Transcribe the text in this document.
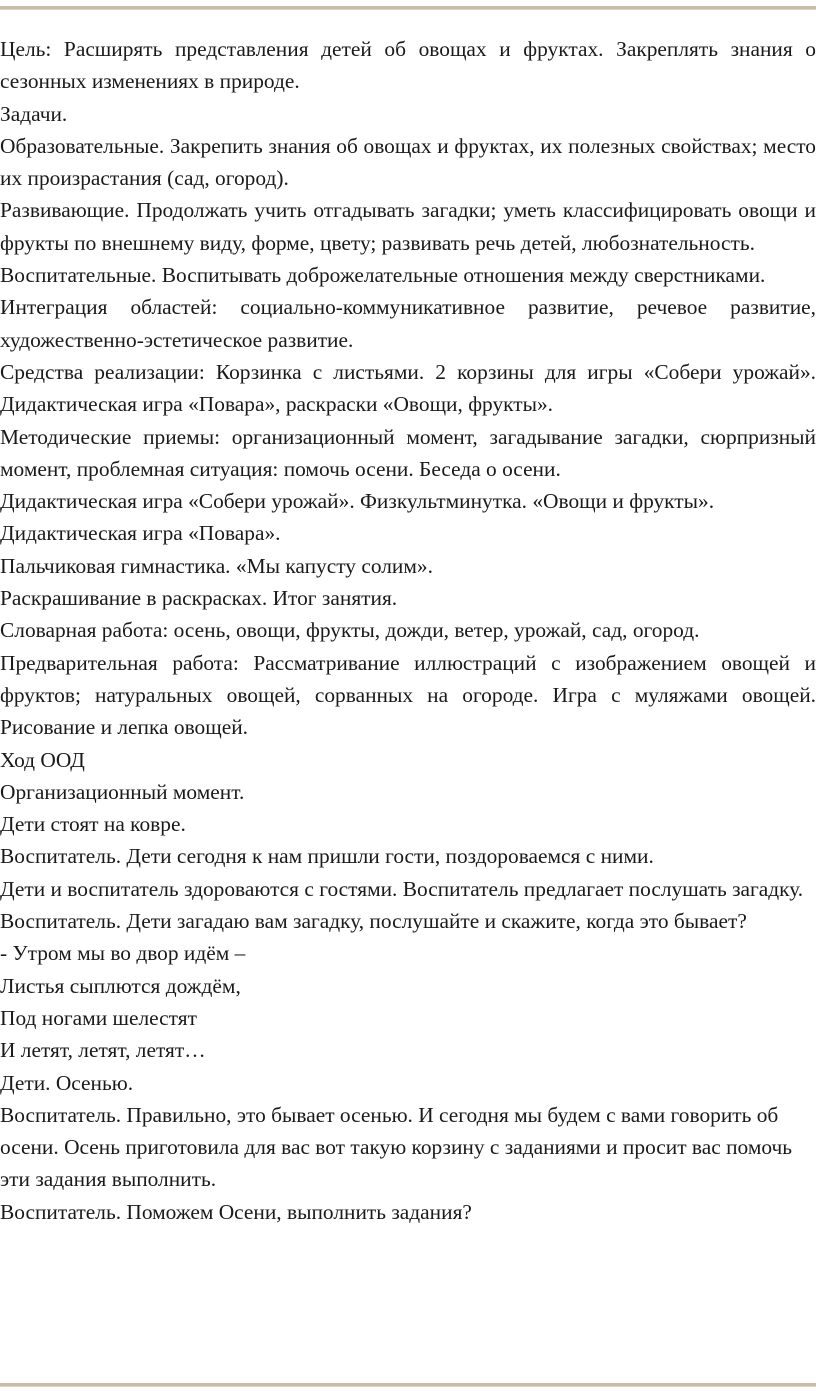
Цель: Расширять представления детей об овощах и фруктах. Закреплять знания о сезонных изменениях в природе.

Задачи.

Образовательные. Закрепить знания об овощах и фруктах, их полезных свойствах; место их произрастания (сад, огород).

Развивающие. Продолжать учить отгадывать загадки; уметь классифицировать овощи и фрукты по внешнему виду, форме, цвету; развивать речь детей, любознательность.

Воспитательные. Воспитывать доброжелательные отношения между сверстниками.

Интеграция областей: социально-коммуникативное развитие, речевое развитие, художественно-эстетическое развитие.

Средства реализации: Корзинка с листьями. 2 корзины для игры «Собери урожай». Дидактическая игра «Повара», раскраски «Овощи, фрукты».

Методические приемы: организационный момент, загадывание загадки, сюрпризный момент, проблемная ситуация: помочь осени. Беседа о осени.

Дидактическая игра «Собери урожай». Физкультминутка. «Овощи и фрукты». Дидактическая игра «Повара».

Пальчиковая гимнастика. «Мы капусту солим».

Раскрашивание в раскрасках. Итог занятия.

Словарная работа: осень, овощи, фрукты, дожди, ветер, урожай, сад, огород.

Предварительная работа: Рассматривание иллюстраций с изображением овощей и фруктов; натуральных овощей, сорванных на огороде. Игра с муляжами овощей. Рисование и лепка овощей.

Ход ООД

Организационный момент.

Дети стоят на ковре.

Воспитатель. Дети сегодня к нам пришли гости, поздороваемся с ними.

Дети и воспитатель здороваются с гостями. Воспитатель предлагает послушать загадку.

Воспитатель. Дети загадаю вам загадку, послушайте и скажите, когда это бывает?

- Утром мы во двор идём –

Листья сыплются дождём,

Под ногами шелестят

И летят, летят, летят…

Дети. Осенью.

Воспитатель. Правильно, это бывает осенью. И сегодня мы будем с вами говорить об осени. Осень приготовила для вас вот такую корзину с заданиями и просит вас помочь эти задания выполнить.

Воспитатель. Поможем Осени, выполнить задания?
